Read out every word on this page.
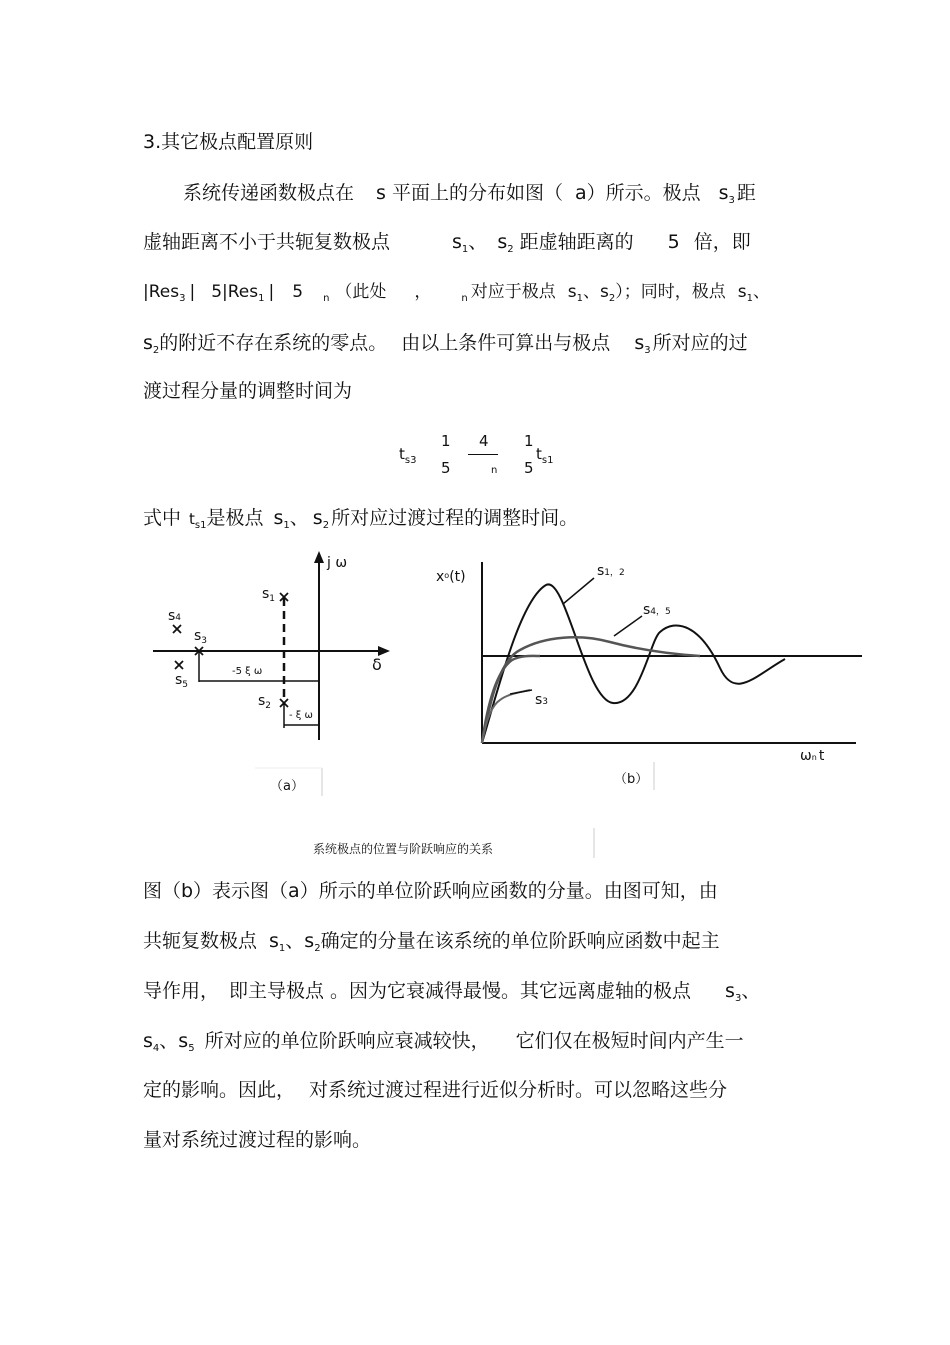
3.其它极点配置原则
系统传递函数极点在 s 平面上的分布如图（ a）所示。极点 $s_3$ 距
虚轴距离不小于共轭复数极点	$s_1$、 $s_2$ 距虚轴距离的 5 倍，即
|Res$_3$ | 5|Res$_1$ | 5 $_n$ （此处 ，	$_n$ 对应于极点 $s_1$、$s_2$）；同时，极点 $s_1$、
$s_2$的附近不存在系统的零点。 由以上条件可算出与极点 $s_3$ 所对应的过
渡过程分量的调整时间为
$t_{s3}$
1
5
4
n
1
5
$t_{s1}$
式中 $t_{s1}$是极点 $s_1$、 $s_2$ 所对应过渡过程的调整时间。
j ω
δ
$s_1$
$s_2$
$s_3$
s4
$s_5$
-5 ξ ω
- ξ ω
（a）
$x^o(t)$
ωn t
s1，2
s4，5
s3
（b）
系统极点的位置与阶跃响应的关系
图（b）表示图（a）所示的单位阶跃响应函数的分量。由图可知，由
共轭复数极点 $s_1$、$s_2$确定的分量在该系统的单位阶跃响应函数中起主
导作用， 即主导极点 。因为它衰减得最慢。其它远离虚轴的极点 $s_3$、
$s_4$、$s_5$ 所对应的单位阶跃响应衰减较快， 它们仅在极短时间内产生一
定的影响。因此， 对系统过渡过程进行近似分析时。可以忽略这些分
量对系统过渡过程的影响。
